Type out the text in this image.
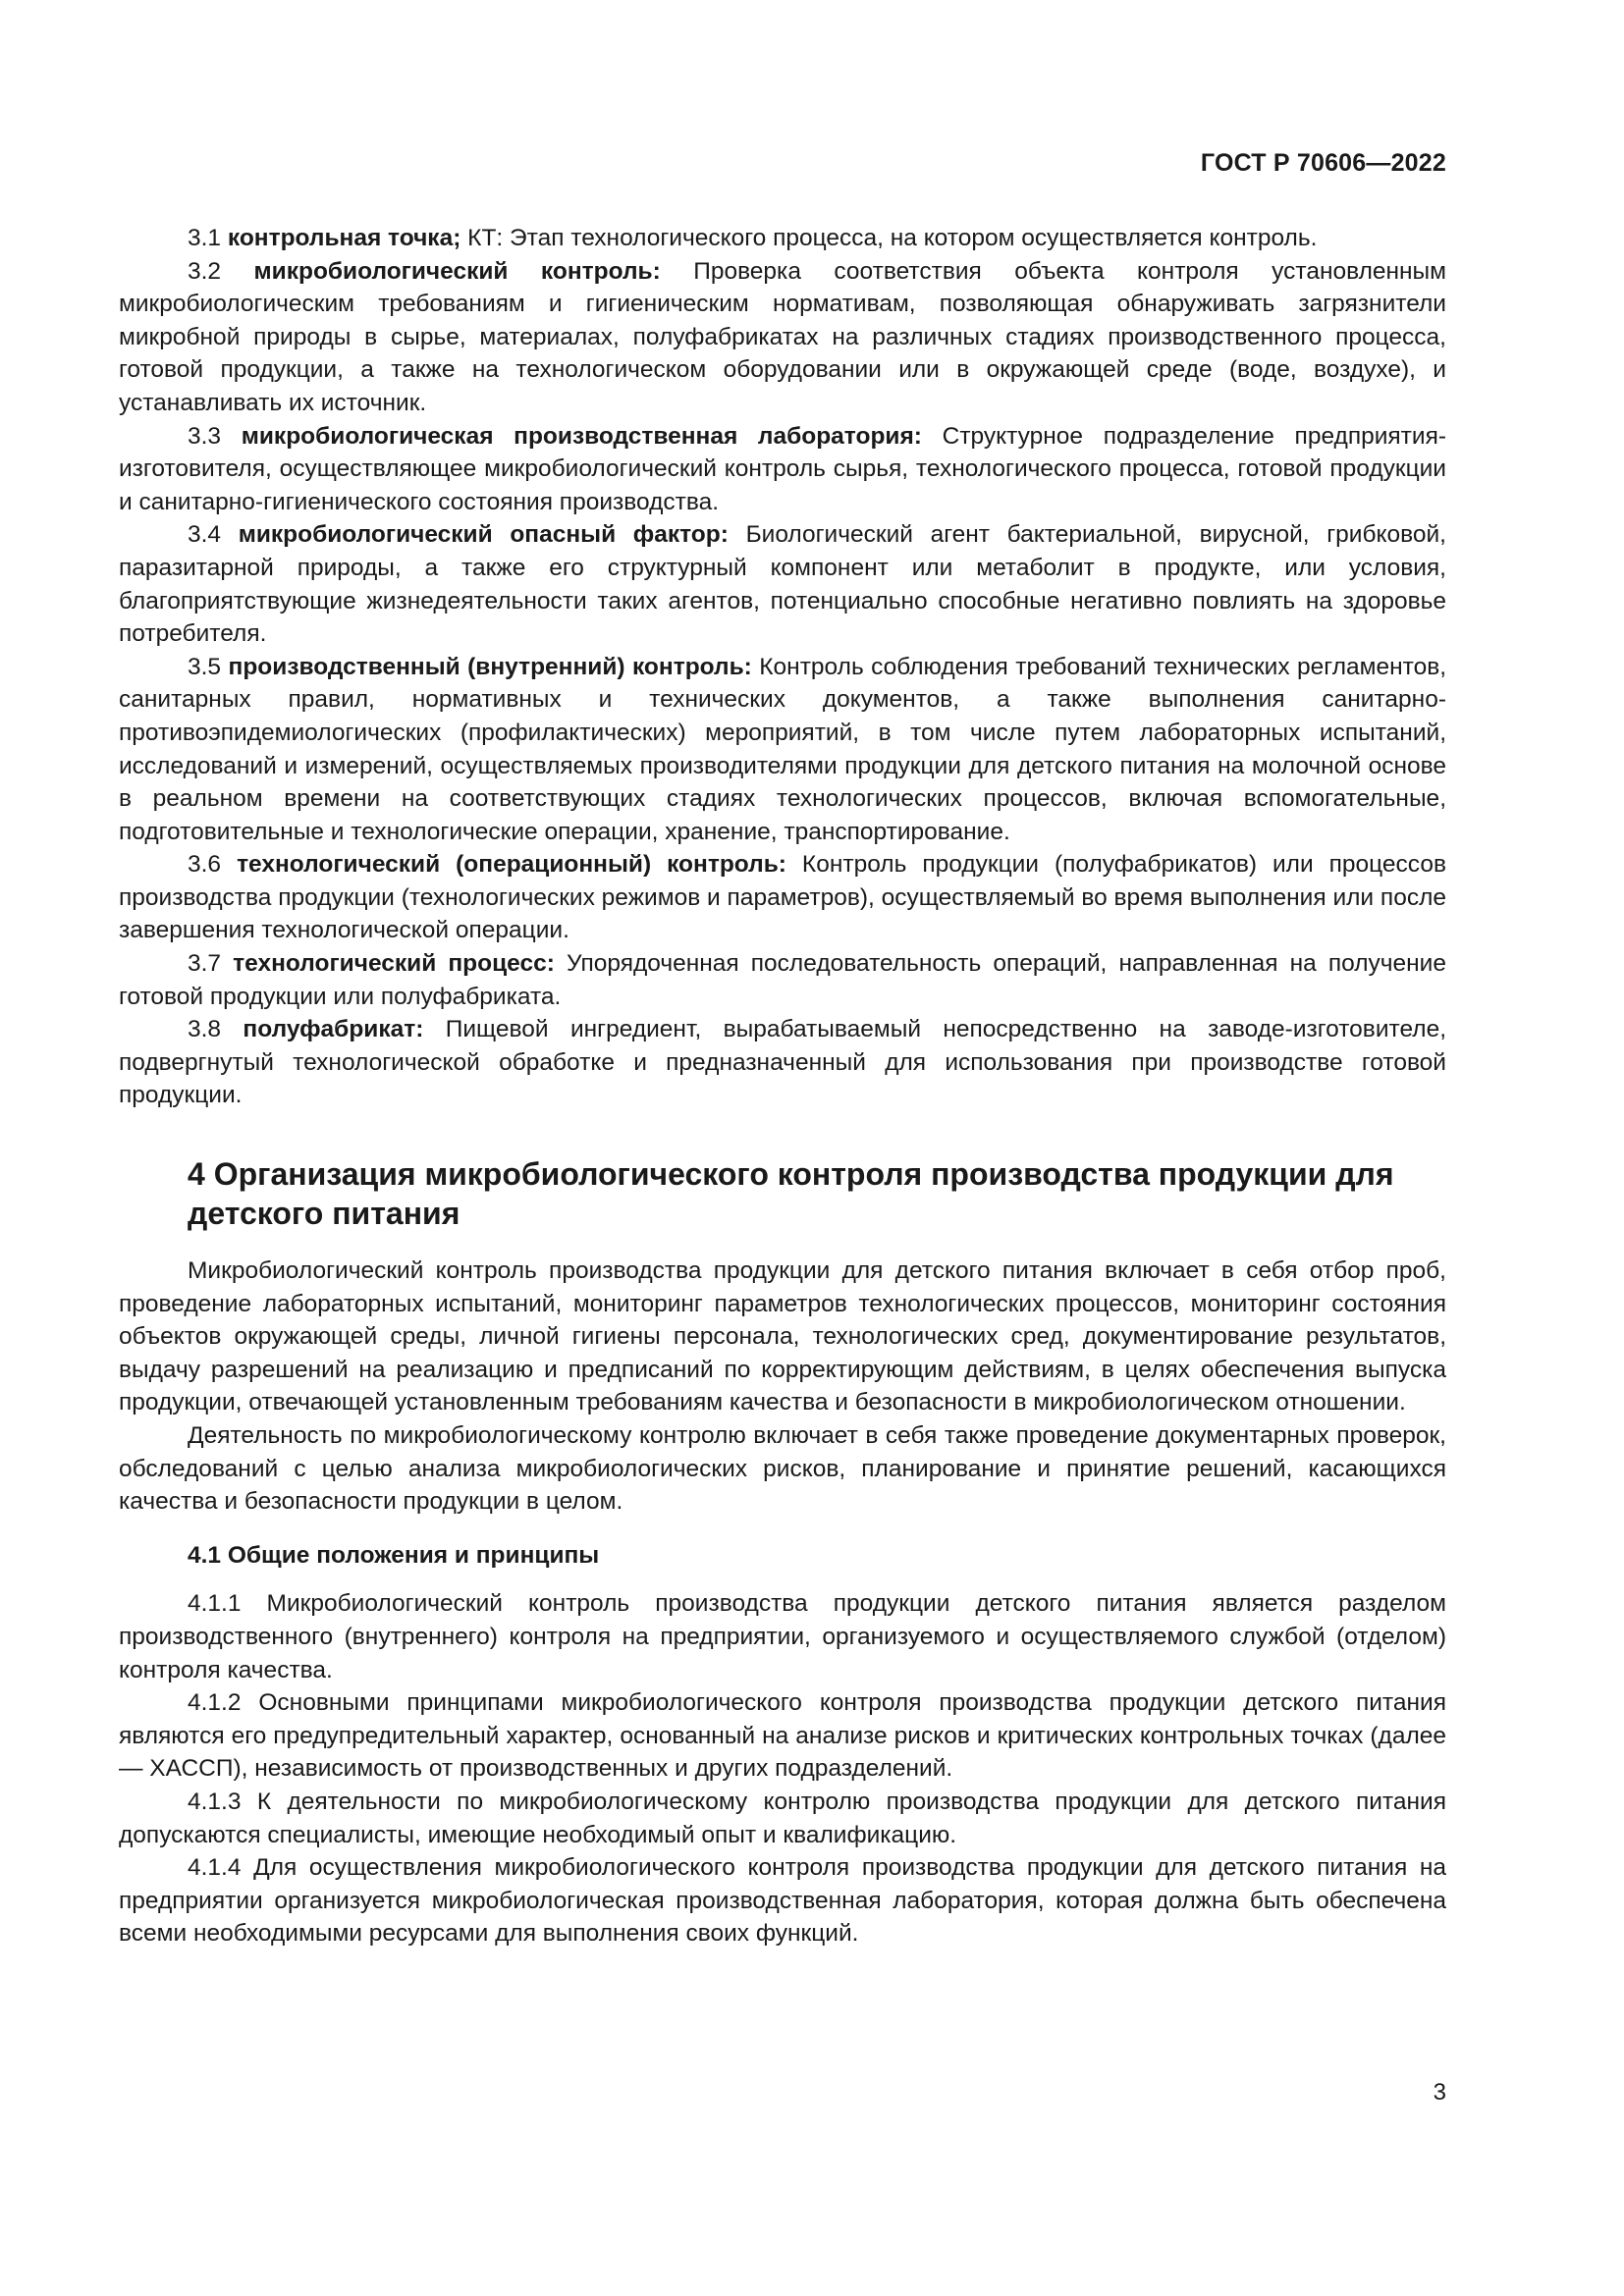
ГОСТ Р 70606—2022

3.1 контрольная точка; КТ: Этап технологического процесса, на котором осуществляется контроль.

3.2 микробиологический контроль: Проверка соответствия объекта контроля установленным микробиологическим требованиям и гигиеническим нормативам, позволяющая обнаруживать загрязнители микробной природы в сырье, материалах, полуфабрикатах на различных стадиях производственного процесса, готовой продукции, а также на технологическом оборудовании или в окружающей среде (воде, воздухе), и устанавливать их источник.

3.3 микробиологическая производственная лаборатория: Структурное подразделение предприятия-изготовителя, осуществляющее микробиологический контроль сырья, технологического процесса, готовой продукции и санитарно-гигиенического состояния производства.

3.4 микробиологический опасный фактор: Биологический агент бактериальной, вирусной, грибковой, паразитарной природы, а также его структурный компонент или метаболит в продукте, или условия, благоприятствующие жизнедеятельности таких агентов, потенциально способные негативно повлиять на здоровье потребителя.

3.5 производственный (внутренний) контроль: Контроль соблюдения требований технических регламентов, санитарных правил, нормативных и технических документов, а также выполнения санитарно-противоэпидемиологических (профилактических) мероприятий, в том числе путем лабораторных испытаний, исследований и измерений, осуществляемых производителями продукции для детского питания на молочной основе в реальном времени на соответствующих стадиях технологических процессов, включая вспомогательные, подготовительные и технологические операции, хранение, транспортирование.

3.6 технологический (операционный) контроль: Контроль продукции (полуфабрикатов) или процессов производства продукции (технологических режимов и параметров), осуществляемый во время выполнения или после завершения технологической операции.

3.7 технологический процесс: Упорядоченная последовательность операций, направленная на получение готовой продукции или полуфабриката.

3.8 полуфабрикат: Пищевой ингредиент, вырабатываемый непосредственно на заводе-изготовителе, подвергнутый технологической обработке и предназначенный для использования при производстве готовой продукции.

4 Организация микробиологического контроля производства продукции для детского питания

Микробиологический контроль производства продукции для детского питания включает в себя отбор проб, проведение лабораторных испытаний, мониторинг параметров технологических процессов, мониторинг состояния объектов окружающей среды, личной гигиены персонала, технологических сред, документирование результатов, выдачу разрешений на реализацию и предписаний по корректирующим действиям, в целях обеспечения выпуска продукции, отвечающей установленным требованиям качества и безопасности в микробиологическом отношении.

Деятельность по микробиологическому контролю включает в себя также проведение документарных проверок, обследований с целью анализа микробиологических рисков, планирование и принятие решений, касающихся качества и безопасности продукции в целом.

4.1 Общие положения и принципы

4.1.1 Микробиологический контроль производства продукции детского питания является разделом производственного (внутреннего) контроля на предприятии, организуемого и осуществляемого службой (отделом) контроля качества.

4.1.2 Основными принципами микробиологического контроля производства продукции детского питания являются его предупредительный характер, основанный на анализе рисков и критических контрольных точках (далее — ХАССП), независимость от производственных и других подразделений.

4.1.3 К деятельности по микробиологическому контролю производства продукции для детского питания допускаются специалисты, имеющие необходимый опыт и квалификацию.

4.1.4 Для осуществления микробиологического контроля производства продукции для детского питания на предприятии организуется микробиологическая производственная лаборатория, которая должна быть обеспечена всеми необходимыми ресурсами для выполнения своих функций.

3
